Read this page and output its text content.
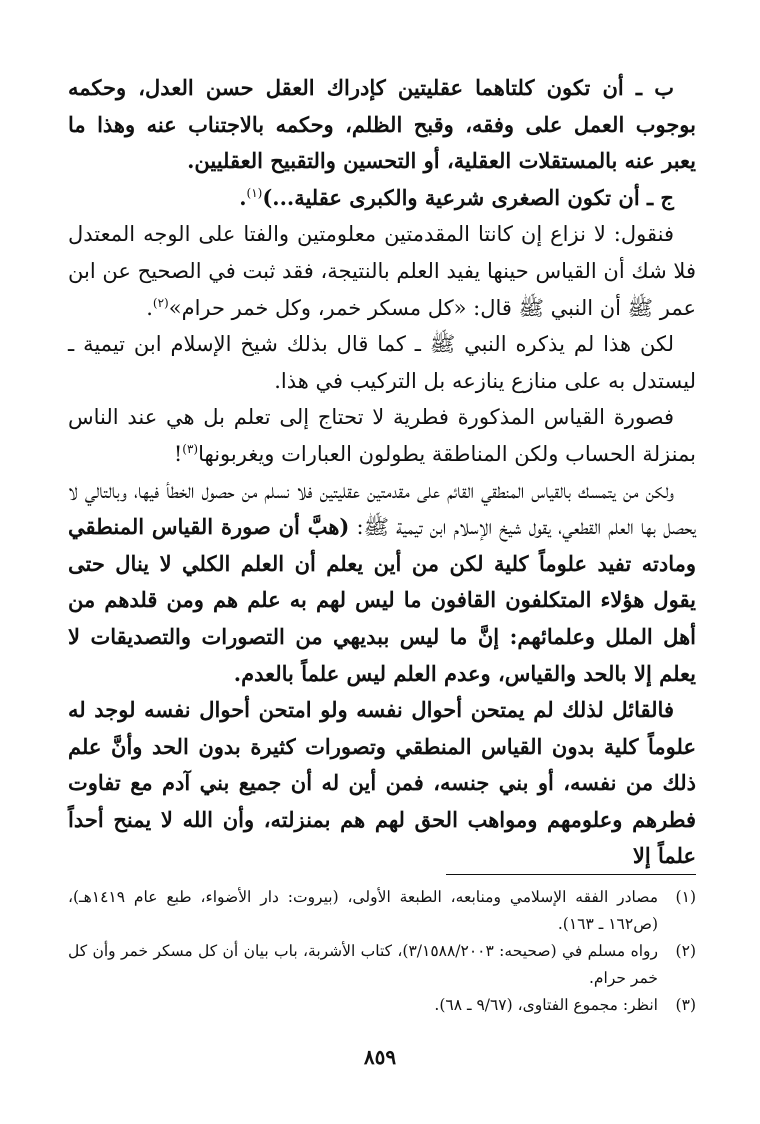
ب ـ أن تكون كلتاهما عقليتين كإدراك العقل حسن العدل، وحكمه بوجوب العمل على وفقه، وقبح الظلم، وحكمه بالاجتناب عنه وهذا ما يعبر عنه بالمستقلات العقلية، أو التحسين والتقبيح العقليين.

ج ـ أن تكون الصغرى شرعية والكبرى عقلية...)$^{(١)}$.

فنقول: لا نزاع إن كانتا المقدمتين معلومتين والفتا على الوجه المعتدل فلا شك أن القياس حينها يفيد العلم بالنتيجة، فقد ثبت في الصحيح عن ابن عمر ﷺ أن النبي ﷺ قال: «كل مسكر خمر، وكل خمر حرام»$^{(٢)}$.

لكن هذا لم يذكره النبي ﷺ ـ كما قال بذلك شيخ الإسلام ابن تيمية ـ ليستدل به على منازع ينازعه بل التركيب في هذا.

فصورة القياس المذكورة فطرية لا تحتاج إلى تعلم بل هي عند الناس بمنزلة الحساب ولكن المناطقة يطولون العبارات ويغربونها$^{(٣)}$!

ولكن من يتمسك بالقياس المنطقي القائم على مقدمتين عقليتين فلا نسلم من حصول الخطأ فيها، وبالتالي لا يحصل بها العلم القطعي، يقول شيخ الإسلام ابن تيمية ﷺ: (هبَّ أن صورة القياس المنطقي ومادته تفيد علوماً كلية لكن من أين يعلم أن العلم الكلي لا ينال حتى يقول هؤلاء المتكلفون القافون ما ليس لهم به علم هم ومن قلدهم من أهل الملل وعلمائهم: إنَّ ما ليس ببديهي من التصورات والتصديقات لا يعلم إلا بالحد والقياس، وعدم العلم ليس علماً بالعدم.

فالقائل لذلك لم يمتحن أحوال نفسه ولو امتحن أحوال نفسه لوجد له علوماً كلية بدون القياس المنطقي وتصورات كثيرة بدون الحد وأنَّ علم ذلك من نفسه، أو بني جنسه، فمن أين له أن جميع بني آدم مع تفاوت فطرهم وعلومهم ومواهب الحق لهم هم بمنزلته، وأن الله لا يمنح أحداً علماً إلا

(١)
مصادر الفقه الإسلامي ومنابعه، الطبعة الأولى، (بيروت: دار الأضواء، طبع عام ١٤١٩هـ)، (ص١٦٢ ـ ١٦٣).
(٢)
رواه مسلم في (صحيحه: ٣/١٥٨٨/٢٠٠٣)، كتاب الأشربة، باب بيان أن كل مسكر خمر وأن كل خمر حرام.
(٣)
انظر: مجموع الفتاوى، (٩/٦٧ ـ ٦٨).
٨٥٩
